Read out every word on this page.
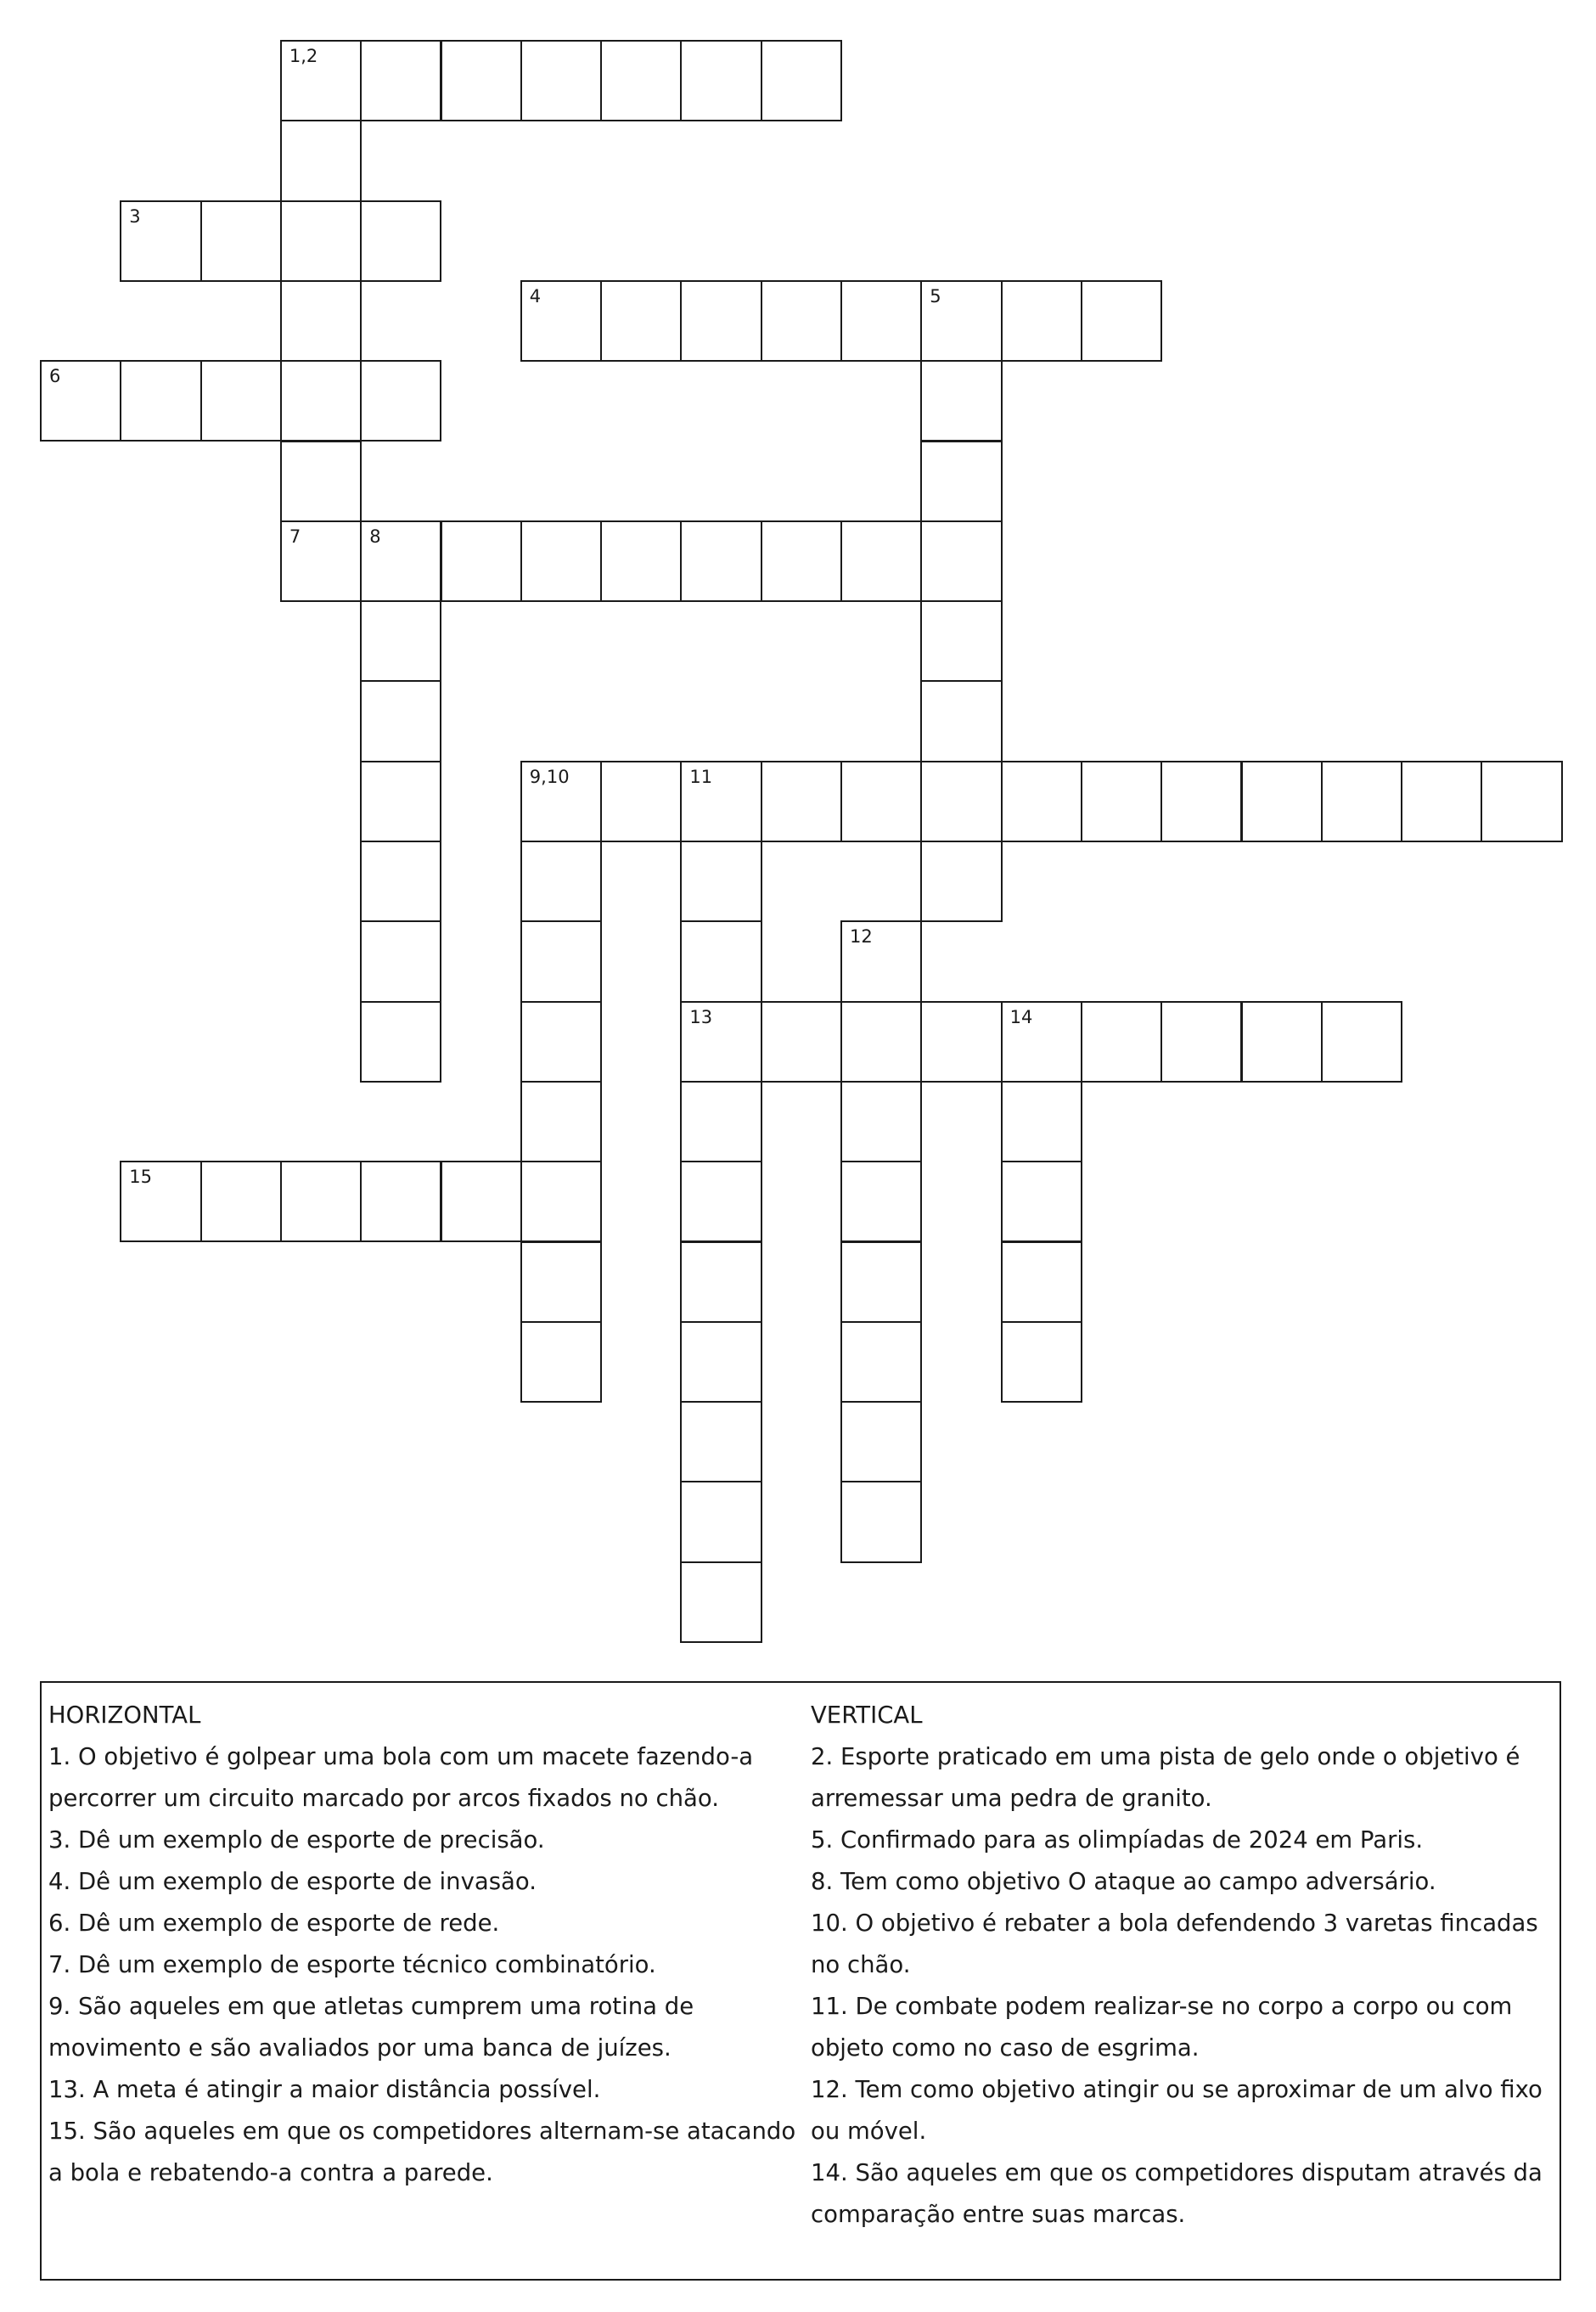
1,2
7
3
4	5
6
8
9,10	11
13
12
14
15
HORIZONTAL

1. O objetivo é golpear uma bola com um macete fazendo-a percorrer um circuito marcado por arcos fixados no chão.

3. Dê um exemplo de esporte de precisão.

4. Dê um exemplo de esporte de invasão.

6. Dê um exemplo de esporte de rede.

7. Dê um exemplo de esporte técnico combinatório.

9. São aqueles em que atletas cumprem uma rotina de movimento e são avaliados por uma banca de juízes.

13. A meta é atingir a maior distância possível.

15. São aqueles em que os competidores alternam-se atacando a bola e rebatendo-a contra a parede.

VERTICAL

2. Esporte praticado em uma pista de gelo onde o objetivo é arremessar uma pedra de granito.

5. Confirmado para as olimpíadas de 2024 em Paris.

8. Tem como objetivo O ataque ao campo adversário.

10. O objetivo é rebater a bola defendendo 3 varetas fincadas no chão.

11. De combate podem realizar-se no corpo a corpo ou com objeto como no caso de esgrima.

12. Tem como objetivo atingir ou se aproximar de um alvo fixo ou móvel.

14. São aqueles em que os competidores disputam através da comparação entre suas marcas.
